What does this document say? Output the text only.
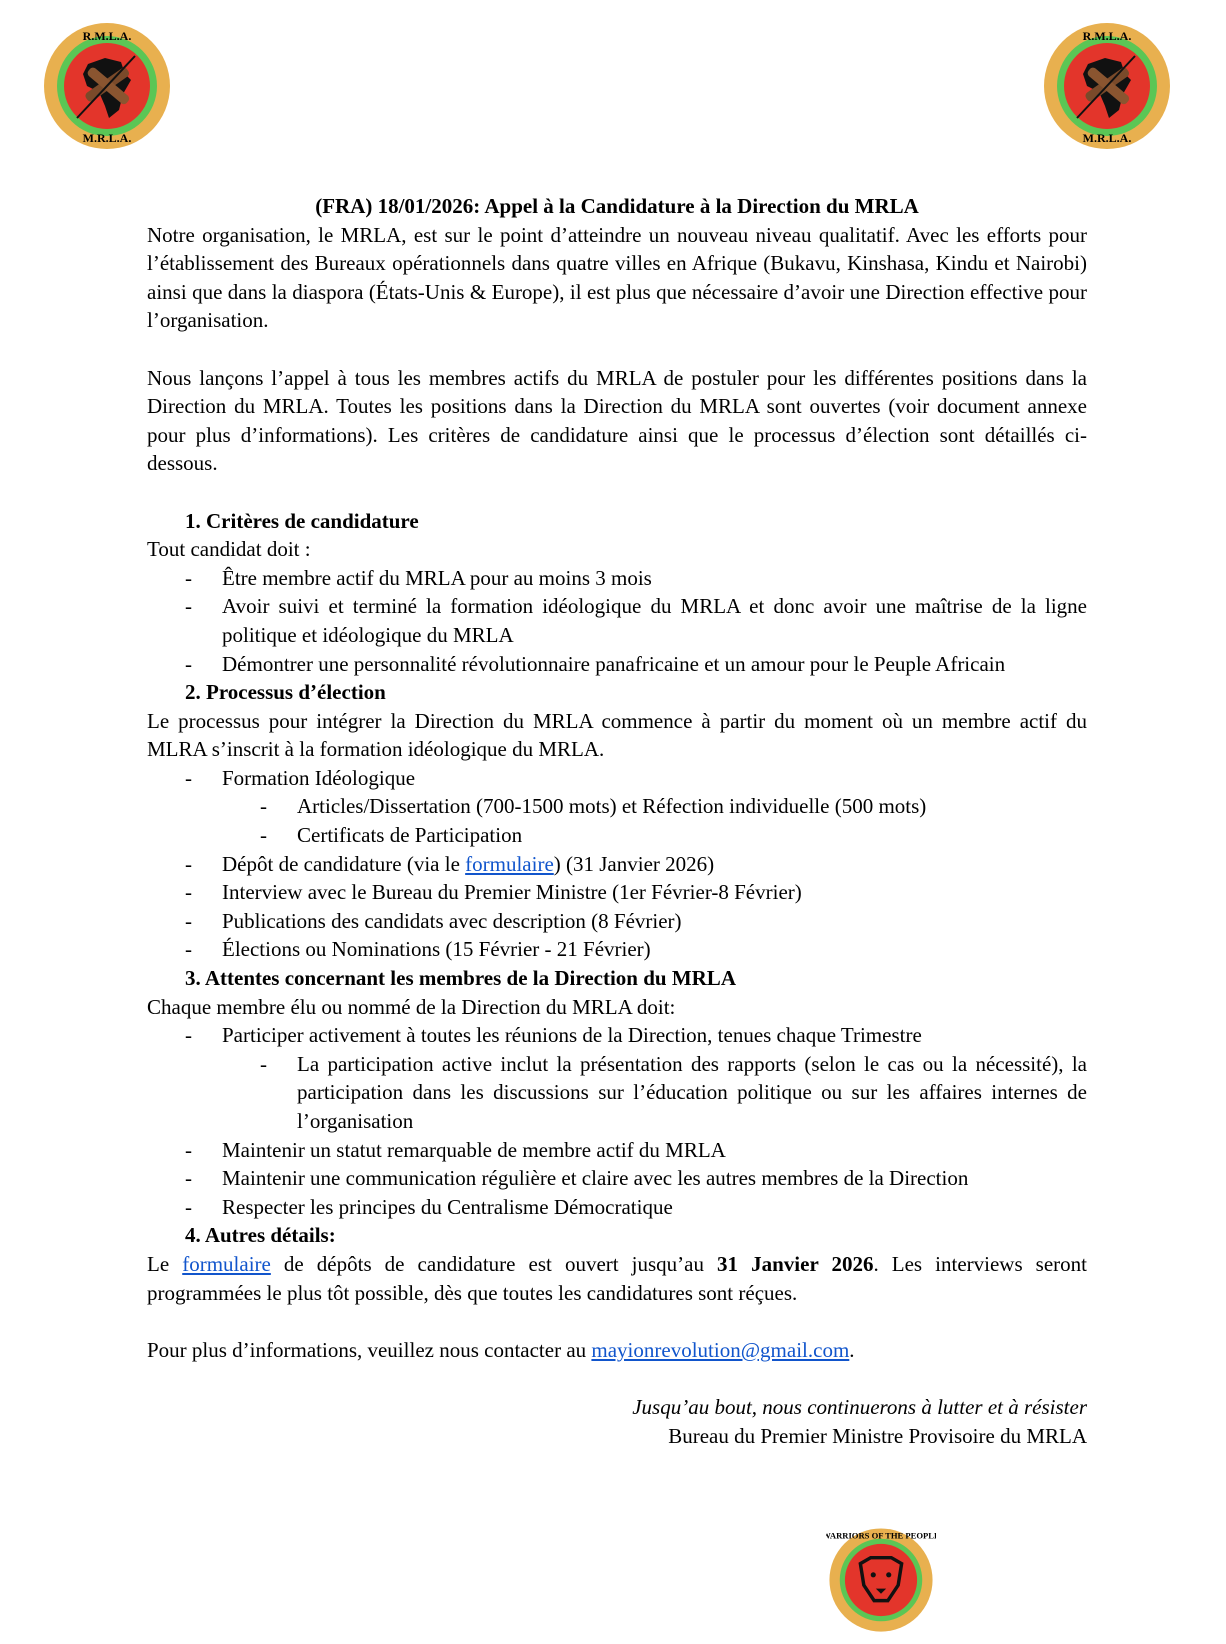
R.M.L.A.
M.R.L.A.
R.M.L.A.
M.R.L.A.
WARRIORS OF THE PEOPLE

(FRA) 18/01/2026: Appel à la Candidature à la Direction du MRLA

Notre organisation, le MRLA, est sur le point d’atteindre un nouveau niveau qualitatif. Avec les efforts pour l’établissement des Bureaux opérationnels dans quatre villes en Afrique (Bukavu, Kinshasa, Kindu et Nairobi) ainsi que dans la diaspora (États-Unis & Europe), il est plus que nécessaire d’avoir une Direction effective pour l’organisation.

Nous lançons l’appel à tous les membres actifs du MRLA de postuler pour les différentes positions dans la Direction du MRLA. Toutes les positions dans la Direction du MRLA sont ouvertes (voir document annexe pour plus d’informations). Les critères de candidature ainsi que le processus d’élection sont détaillés ci-dessous.

1. Critères de candidature

Tout candidat doit :

- Être membre actif du MRLA pour au moins 3 mois

- Avoir suivi et terminé la formation idéologique du MRLA et donc avoir une maîtrise de la ligne politique et idéologique du MRLA

- Démontrer une personnalité révolutionnaire panafricaine et un amour pour le Peuple Africain

2. Processus d’élection

Le processus pour intégrer la Direction du MRLA commence à partir du moment où un membre actif du MLRA s’inscrit à la formation idéologique du MRLA.

- Formation Idéologique

- Articles/Dissertation (700-1500 mots) et Réfection individuelle (500 mots)

- Certificats de Participation

- Dépôt de candidature (via le formulaire) (31 Janvier 2026)

- Interview avec le Bureau du Premier Ministre (1er Février-8 Février)

- Publications des candidats avec description (8 Février)

- Élections ou Nominations (15 Février - 21 Février)

3. Attentes concernant les membres de la Direction du MRLA

Chaque membre élu ou nommé de la Direction du MRLA doit:

- Participer activement à toutes les réunions de la Direction, tenues chaque Trimestre

- La participation active inclut la présentation des rapports (selon le cas ou la nécessité), la participation dans les discussions sur l’éducation politique ou sur les affaires internes de l’organisation

- Maintenir un statut remarquable de membre actif du MRLA

- Maintenir une communication régulière et claire avec les autres membres de la Direction

- Respecter les principes du Centralisme Démocratique

4. Autres détails:

Le formulaire de dépôts de candidature est ouvert jusqu’au 31 Janvier 2026. Les interviews seront programmées le plus tôt possible, dès que toutes les candidatures sont réçues.

Pour plus d’informations, veuillez nous contacter au mayionrevolution@gmail.com.

Jusqu’au bout, nous continuerons à lutter et à résister

Bureau du Premier Ministre Provisoire du MRLA
